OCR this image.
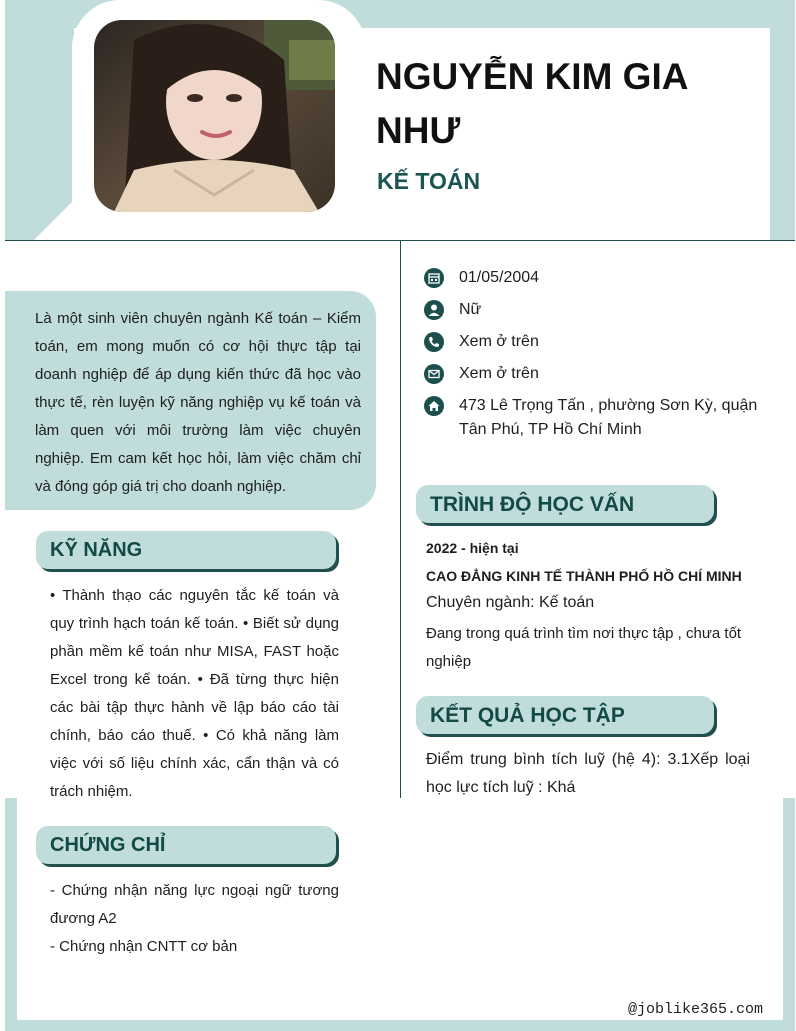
NGUYỄN KIM GIA NHƯ
KẾ TOÁN
01/05/2004
Nữ
Xem ở trên
Xem ở trên
473 Lê Trọng Tấn , phường Sơn Kỳ, quận Tân Phú, TP Hồ Chí Minh

Là một sinh viên chuyên ngành Kế toán – Kiểm toán, em mong muốn có cơ hội thực tập tại doanh nghiệp để áp dụng kiến thức đã học vào thực tế, rèn luyện kỹ năng nghiệp vụ kế toán và làm quen với môi trường làm việc chuyên nghiệp. Em cam kết học hỏi, làm việc chăm chỉ và đóng góp giá trị cho doanh nghiệp.

KỸ NĂNG

• Thành thạo các nguyên tắc kế toán và quy trình hạch toán kế toán. • Biết sử dụng phần mềm kế toán như MISA, FAST hoặc Excel trong kế toán. • Đã từng thực hiện các bài tập thực hành về lập báo cáo tài chính, báo cáo thuế. • Có khả năng làm việc với số liệu chính xác, cẩn thận và có trách nhiệm.

CHỨNG CHỈ

- Chứng nhận năng lực ngoại ngữ tương đương A2

- Chứng nhận CNTT cơ bản

TRÌNH ĐỘ HỌC VẤN
2022 - hiện tại
CAO ĐẲNG KINH TẾ THÀNH PHỐ HỒ CHÍ MINH
Chuyên ngành: Kế toán

Đang trong quá trình tìm nơi thực tập , chưa tốt nghiệp

KẾT QUẢ HỌC TẬP

Điểm trung bình tích luỹ (hệ 4): 3.1Xếp loại học lực tích luỹ : Khá

@joblike365.com
